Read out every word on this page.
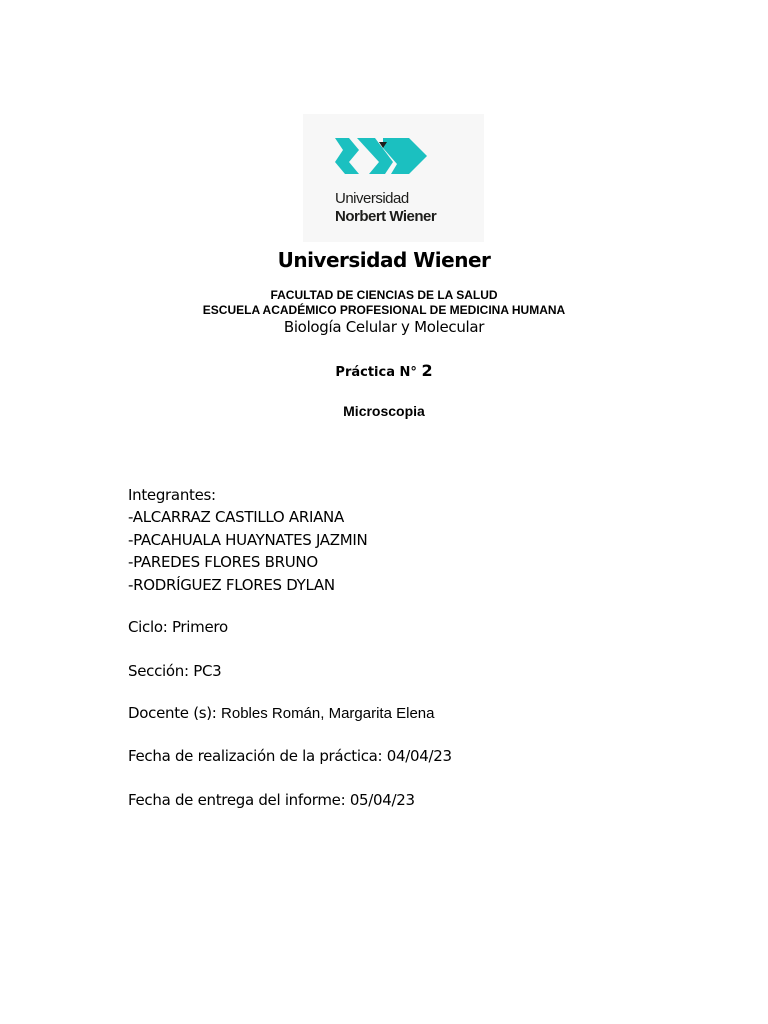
Universidad
Norbert Wiener
Universidad Wiener
FACULTAD DE CIENCIAS DE LA SALUD
ESCUELA ACADÉMICO PROFESIONAL DE MEDICINA HUMANA
Biología Celular y Molecular
Práctica N° 2
Microscopia
Integrantes:
-ALCARRAZ CASTILLO ARIANA
-PACAHUALA HUAYNATES JAZMIN
-PAREDES FLORES BRUNO
-RODRÍGUEZ FLORES DYLAN
Ciclo: Primero
Sección: PC3
Docente (s): Robles Román, Margarita Elena
Fecha de realización de la práctica: 04/04/23
Fecha de entrega del informe: 05/04/23
